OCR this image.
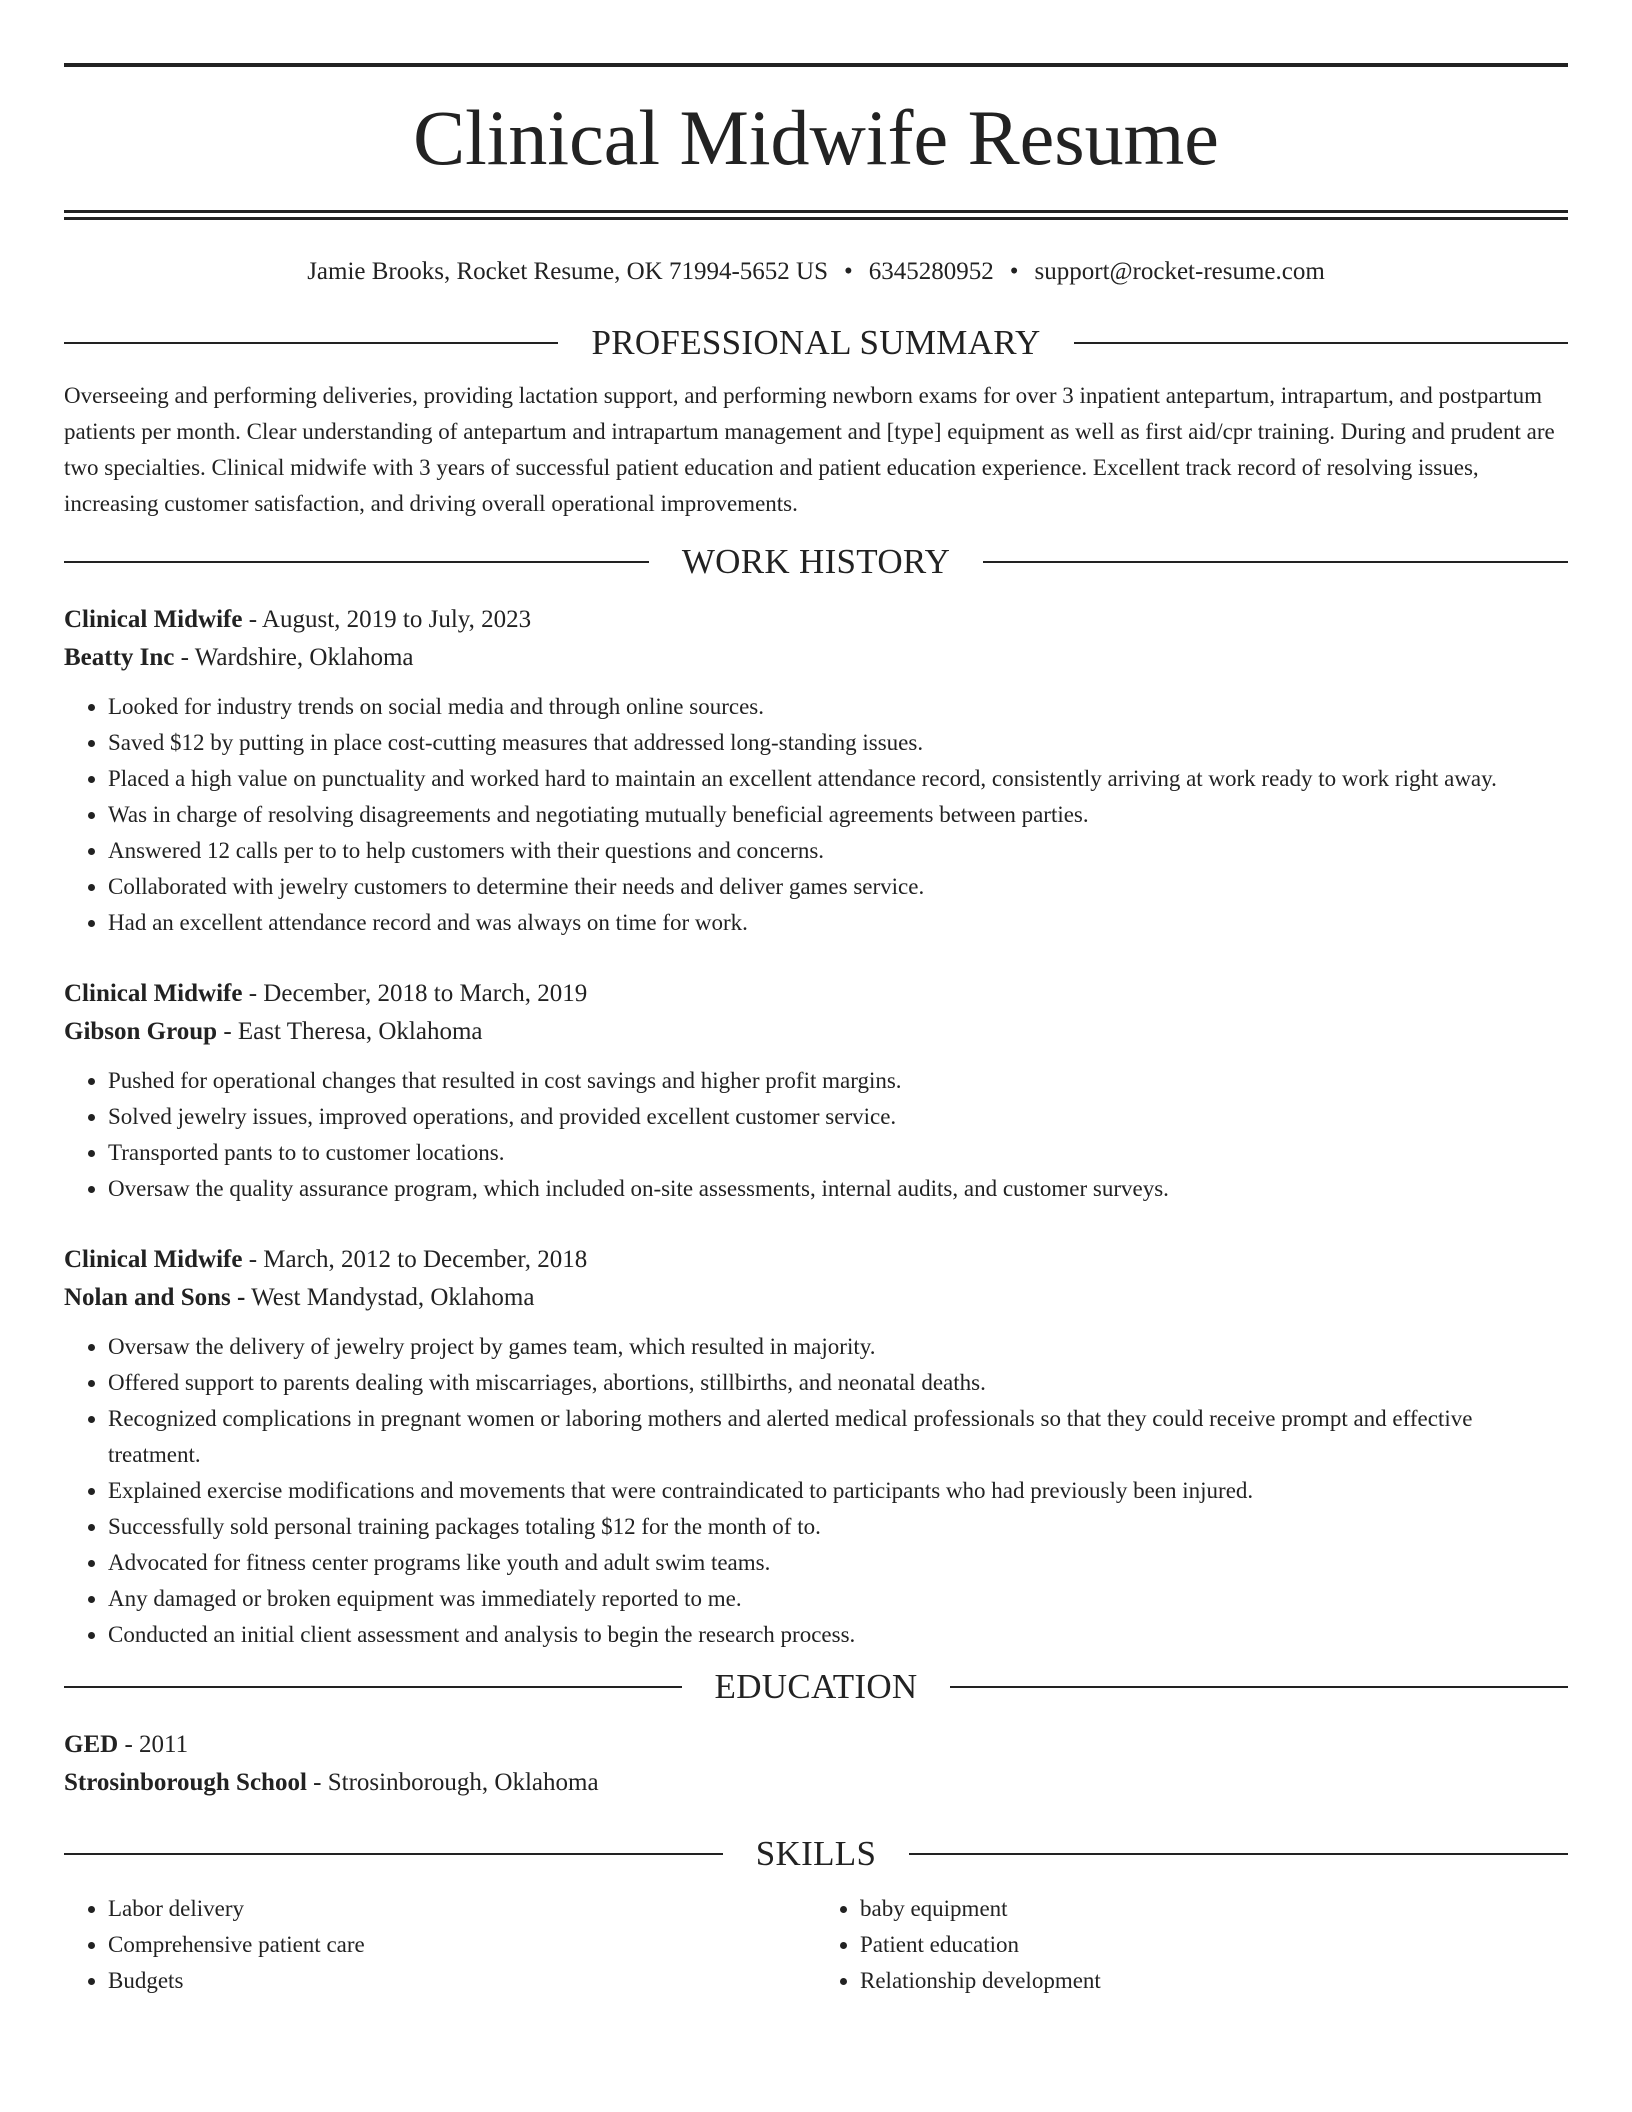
Clinical Midwife Resume
Jamie Brooks, Rocket Resume, OK 71994-5652 US • 6345280952 • support@rocket-resume.com
PROFESSIONAL SUMMARY

Overseeing and performing deliveries, providing lactation support, and performing newborn exams for over 3 inpatient antepartum, intrapartum, and postpartum patients per month. Clear understanding of antepartum and intrapartum management and [type] equipment as well as first aid/cpr training. During and prudent are two specialties. Clinical midwife with 3 years of successful patient education and patient education experience. Excellent track record of resolving issues, increasing customer satisfaction, and driving overall operational improvements.

WORK HISTORY
Clinical Midwife - August, 2019 to July, 2023
Beatty Inc - Wardshire, Oklahoma
• Looked for industry trends on social media and through online sources.
• Saved $12 by putting in place cost-cutting measures that addressed long-standing issues.
• Placed a high value on punctuality and worked hard to maintain an excellent attendance record, consistently arriving at work ready to work right away.
• Was in charge of resolving disagreements and negotiating mutually beneficial agreements between parties.
• Answered 12 calls per to to help customers with their questions and concerns.
• Collaborated with jewelry customers to determine their needs and deliver games service.
• Had an excellent attendance record and was always on time for work.
Clinical Midwife - December, 2018 to March, 2019
Gibson Group - East Theresa, Oklahoma
• Pushed for operational changes that resulted in cost savings and higher profit margins.
• Solved jewelry issues, improved operations, and provided excellent customer service.
• Transported pants to to customer locations.
• Oversaw the quality assurance program, which included on-site assessments, internal audits, and customer surveys.
Clinical Midwife - March, 2012 to December, 2018
Nolan and Sons - West Mandystad, Oklahoma
• Oversaw the delivery of jewelry project by games team, which resulted in majority.
• Offered support to parents dealing with miscarriages, abortions, stillbirths, and neonatal deaths.
• Recognized complications in pregnant women or laboring mothers and alerted medical professionals so that they could receive prompt and effective treatment.
• Explained exercise modifications and movements that were contraindicated to participants who had previously been injured.
• Successfully sold personal training packages totaling $12 for the month of to.
• Advocated for fitness center programs like youth and adult swim teams.
• Any damaged or broken equipment was immediately reported to me.
• Conducted an initial client assessment and analysis to begin the research process.
EDUCATION
GED - 2011
Strosinborough School - Strosinborough, Oklahoma
SKILLS
• Labor delivery
• Comprehensive patient care
• Budgets
• baby equipment
• Patient education
• Relationship development
